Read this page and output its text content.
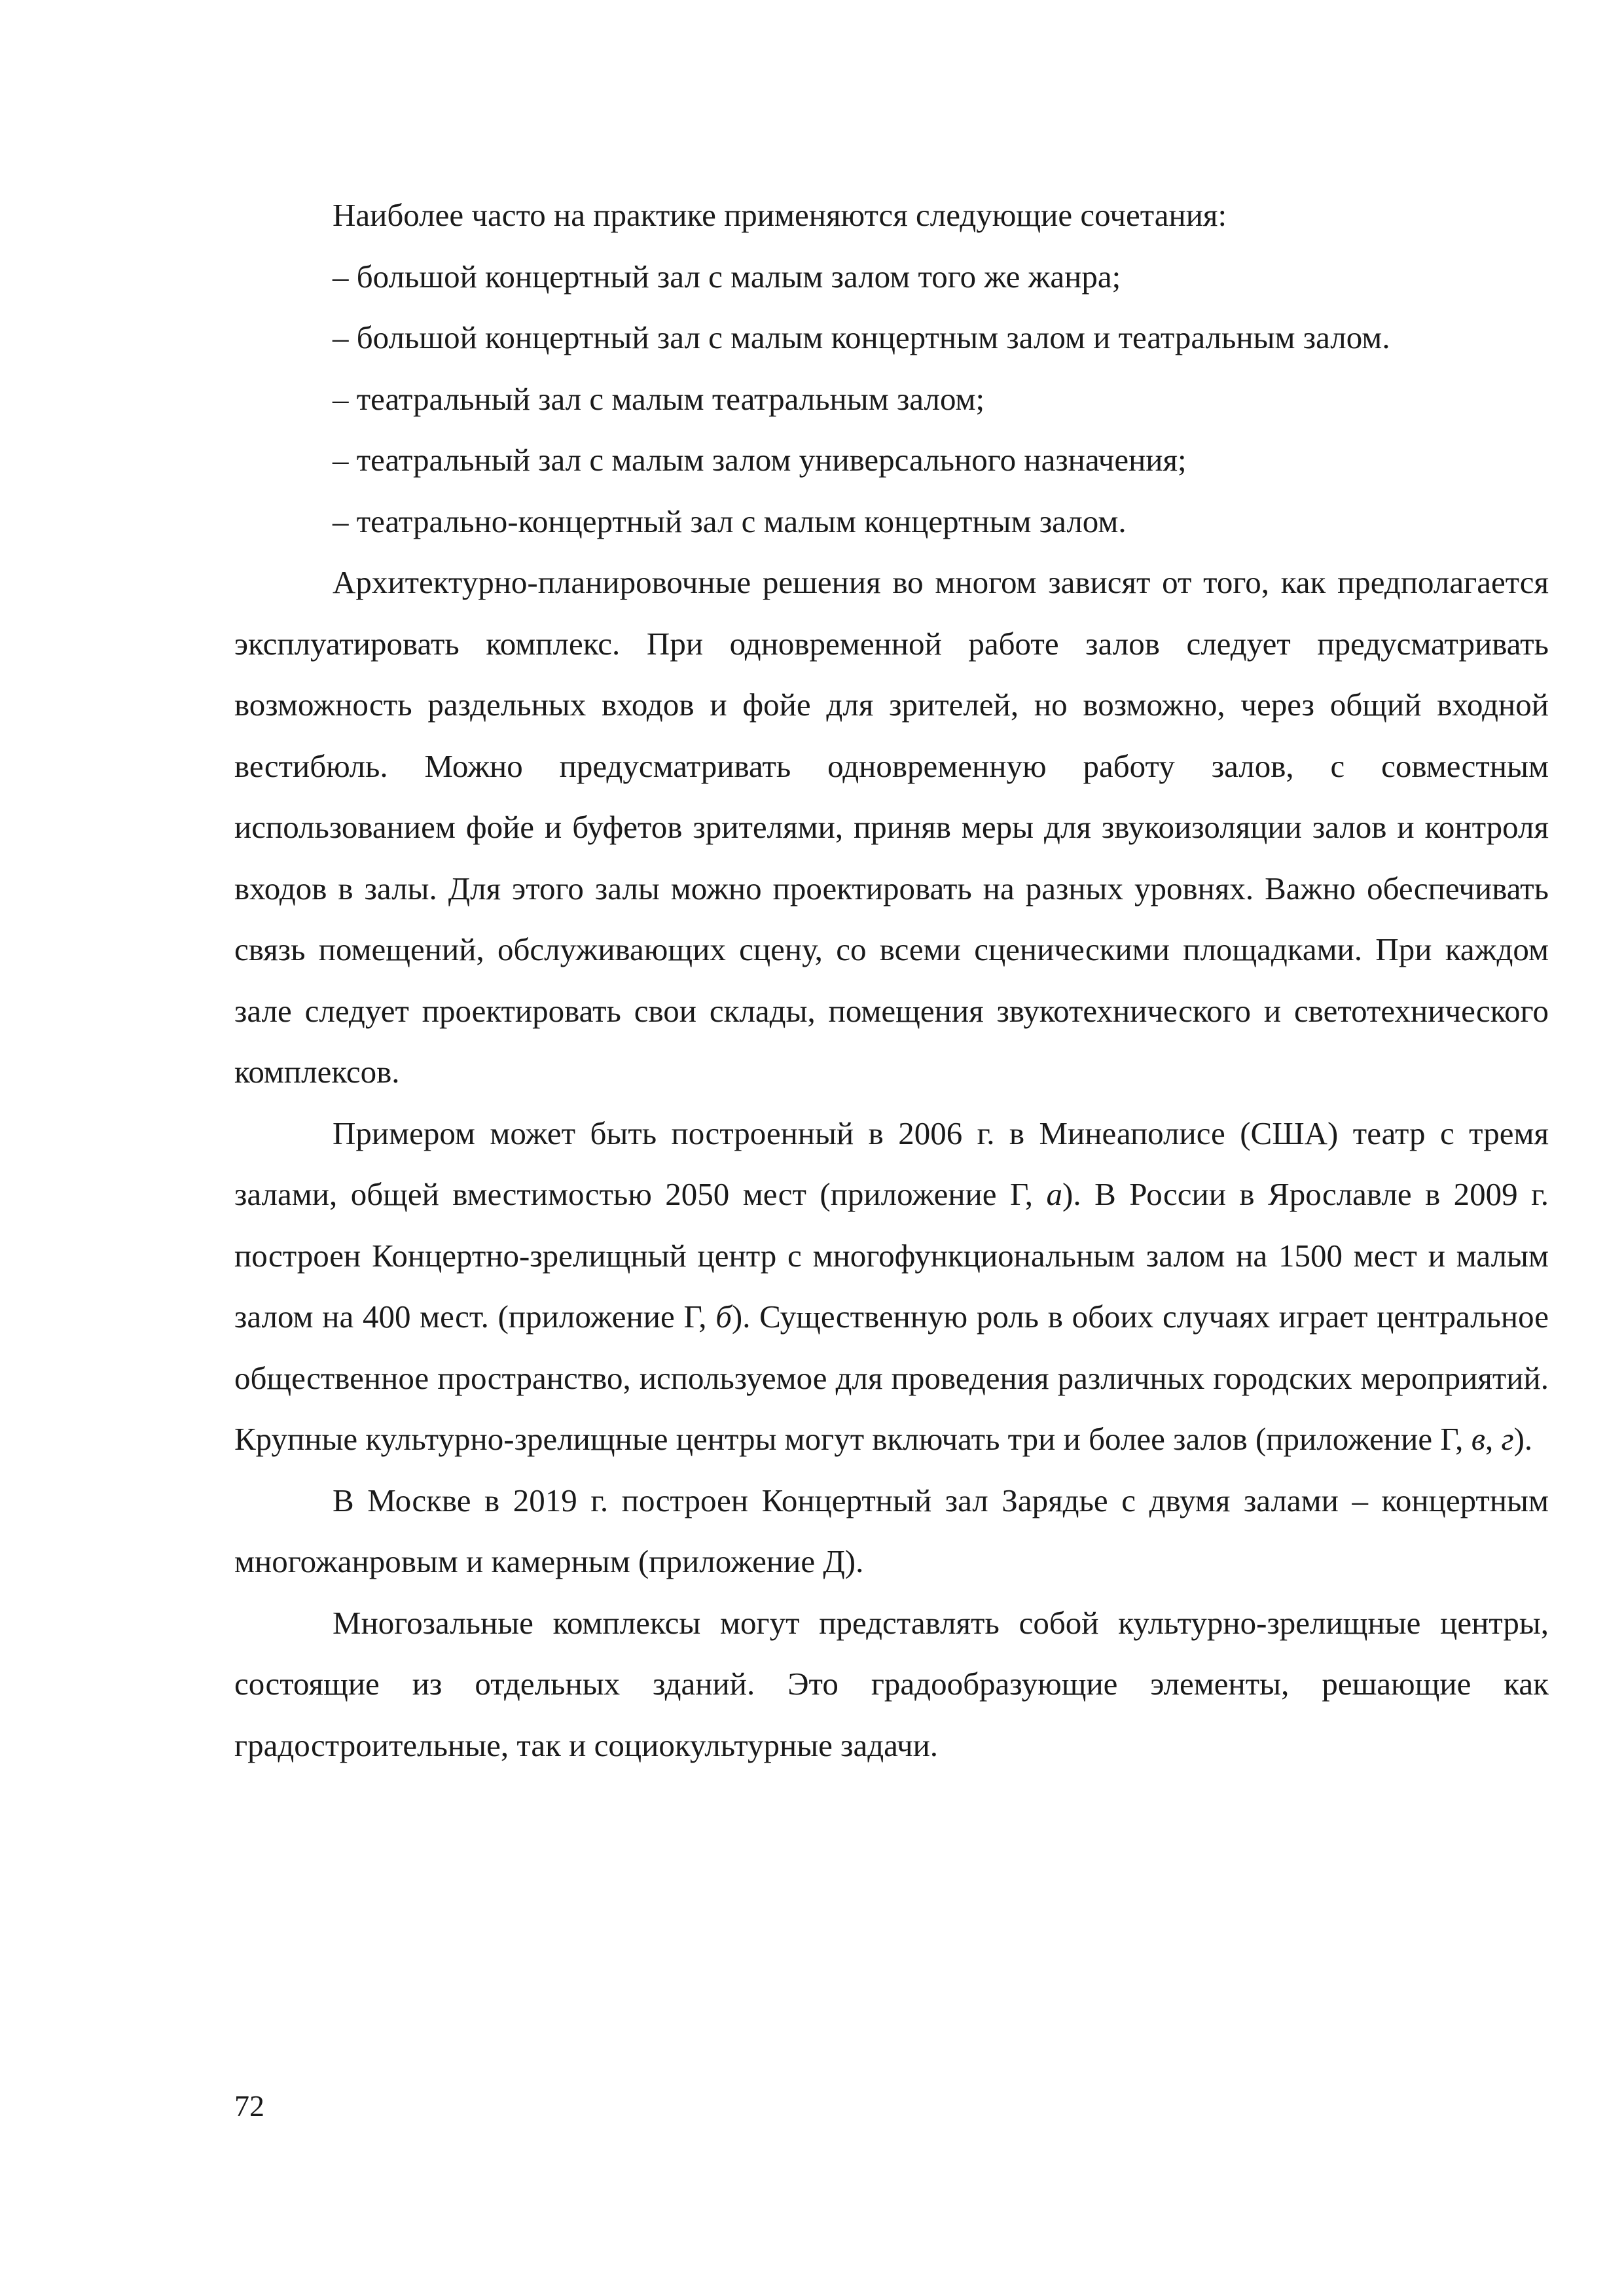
Наиболее часто на практике применяются следующие сочетания:

– большой концертный зал с малым залом того же жанра;

– большой концертный зал с малым концертным залом и театральным залом.

– театральный зал с малым театральным залом;

– театральный зал с малым залом универсального назначения;

– театрально-концертный зал с малым концертным залом.

Архитектурно-планировочные решения во многом зависят от того, как предполагается эксплуатировать комплекс. При одновременной работе залов следует предусматривать возможность раздельных входов и фойе для зрителей, но возможно, через общий входной вестибюль. Можно предусматривать одновременную работу залов, с совместным использованием фойе и буфетов зрителями, приняв меры для звукоизоляции залов и контроля входов в залы. Для этого залы можно проектировать на разных уровнях. Важно обеспечивать связь помещений, обслуживающих сцену, со всеми сценическими площадками. При каждом зале следует проектировать свои склады, помещения звукотехнического и светотехнического комплексов.

Примером может быть построенный в 2006 г. в Минеаполисе (США) театр с тремя залами, общей вместимостью 2050 мест (приложение Г, а). В России в Ярославле в 2009 г. построен Концертно-зрелищный центр с многофункциональным залом на 1500 мест и малым залом на 400 мест. (приложение Г, б). Существенную роль в обоих случаях играет центральное общественное пространство, используемое для проведения различных городских мероприятий. Крупные культурно-зрелищные центры могут включать три и более залов (приложение Г, в, г).

В Москве в 2019 г. построен Концертный зал Зарядье с двумя залами – концертным многожанровым и камерным (приложение Д).

Многозальные комплексы могут представлять собой культурно-зрелищные центры, состоящие из отдельных зданий. Это градообразующие элементы, решающие как градостроительные, так и социокультурные задачи.

72
